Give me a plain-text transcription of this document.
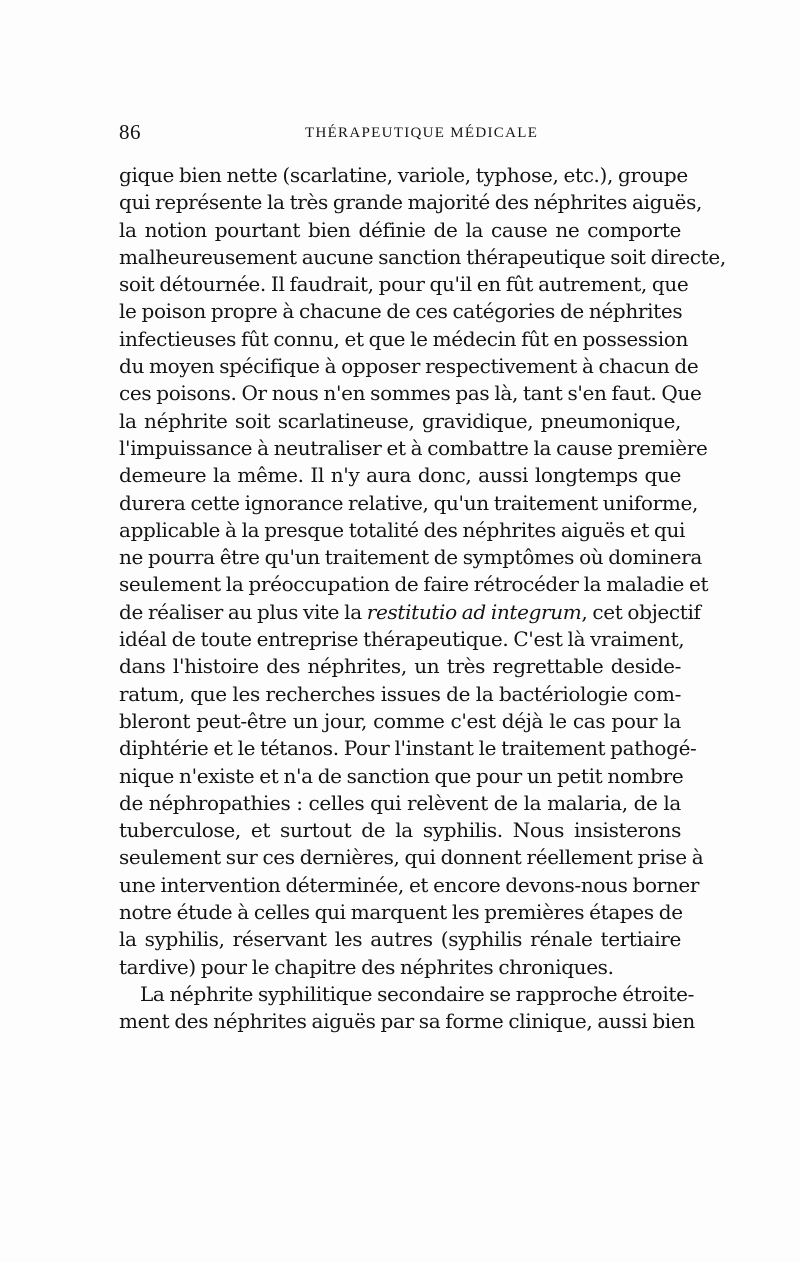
86	THÉRAPEUTIQUE MÉDICALE
gique bien nette (scarlatine, variole, typhose, etc.), groupe
qui représente la très grande majorité des néphrites aiguës,
la notion pourtant bien définie de la cause ne comporte
malheureusement aucune sanction thérapeutique soit directe,
soit détournée. Il faudrait, pour qu'il en fût autrement, que
le poison propre à chacune de ces catégories de néphrites
infectieuses fût connu, et que le médecin fût en possession
du moyen spécifique à opposer respectivement à chacun de
ces poisons. Or nous n'en sommes pas là, tant s'en faut. Que
la néphrite soit scarlatineuse, gravidique, pneumonique,
l'impuissance à neutraliser et à combattre la cause première
demeure la même. Il n'y aura donc, aussi longtemps que
durera cette ignorance relative, qu'un traitement uniforme,
applicable à la presque totalité des néphrites aiguës et qui
ne pourra être qu'un traitement de symptômes où dominera
seulement la préoccupation de faire rétrocéder la maladie et
de réaliser au plus vite la restitutio ad integrum, cet objectif
idéal de toute entreprise thérapeutique. C'est là vraiment,
dans l'histoire des néphrites, un très regrettable deside-
ratum, que les recherches issues de la bactériologie com-
bleront peut-être un jour, comme c'est déjà le cas pour la
diphtérie et le tétanos. Pour l'instant le traitement pathogé-
nique n'existe et n'a de sanction que pour un petit nombre
de néphropathies : celles qui relèvent de la malaria, de la
tuberculose, et surtout de la syphilis. Nous insisterons
seulement sur ces dernières, qui donnent réellement prise à
une intervention déterminée, et encore devons-nous borner
notre étude à celles qui marquent les premières étapes de
la syphilis, réservant les autres (syphilis rénale tertiaire
tardive) pour le chapitre des néphrites chroniques.
La néphrite syphilitique secondaire se rapproche étroite-
ment des néphrites aiguës par sa forme clinique, aussi bien
